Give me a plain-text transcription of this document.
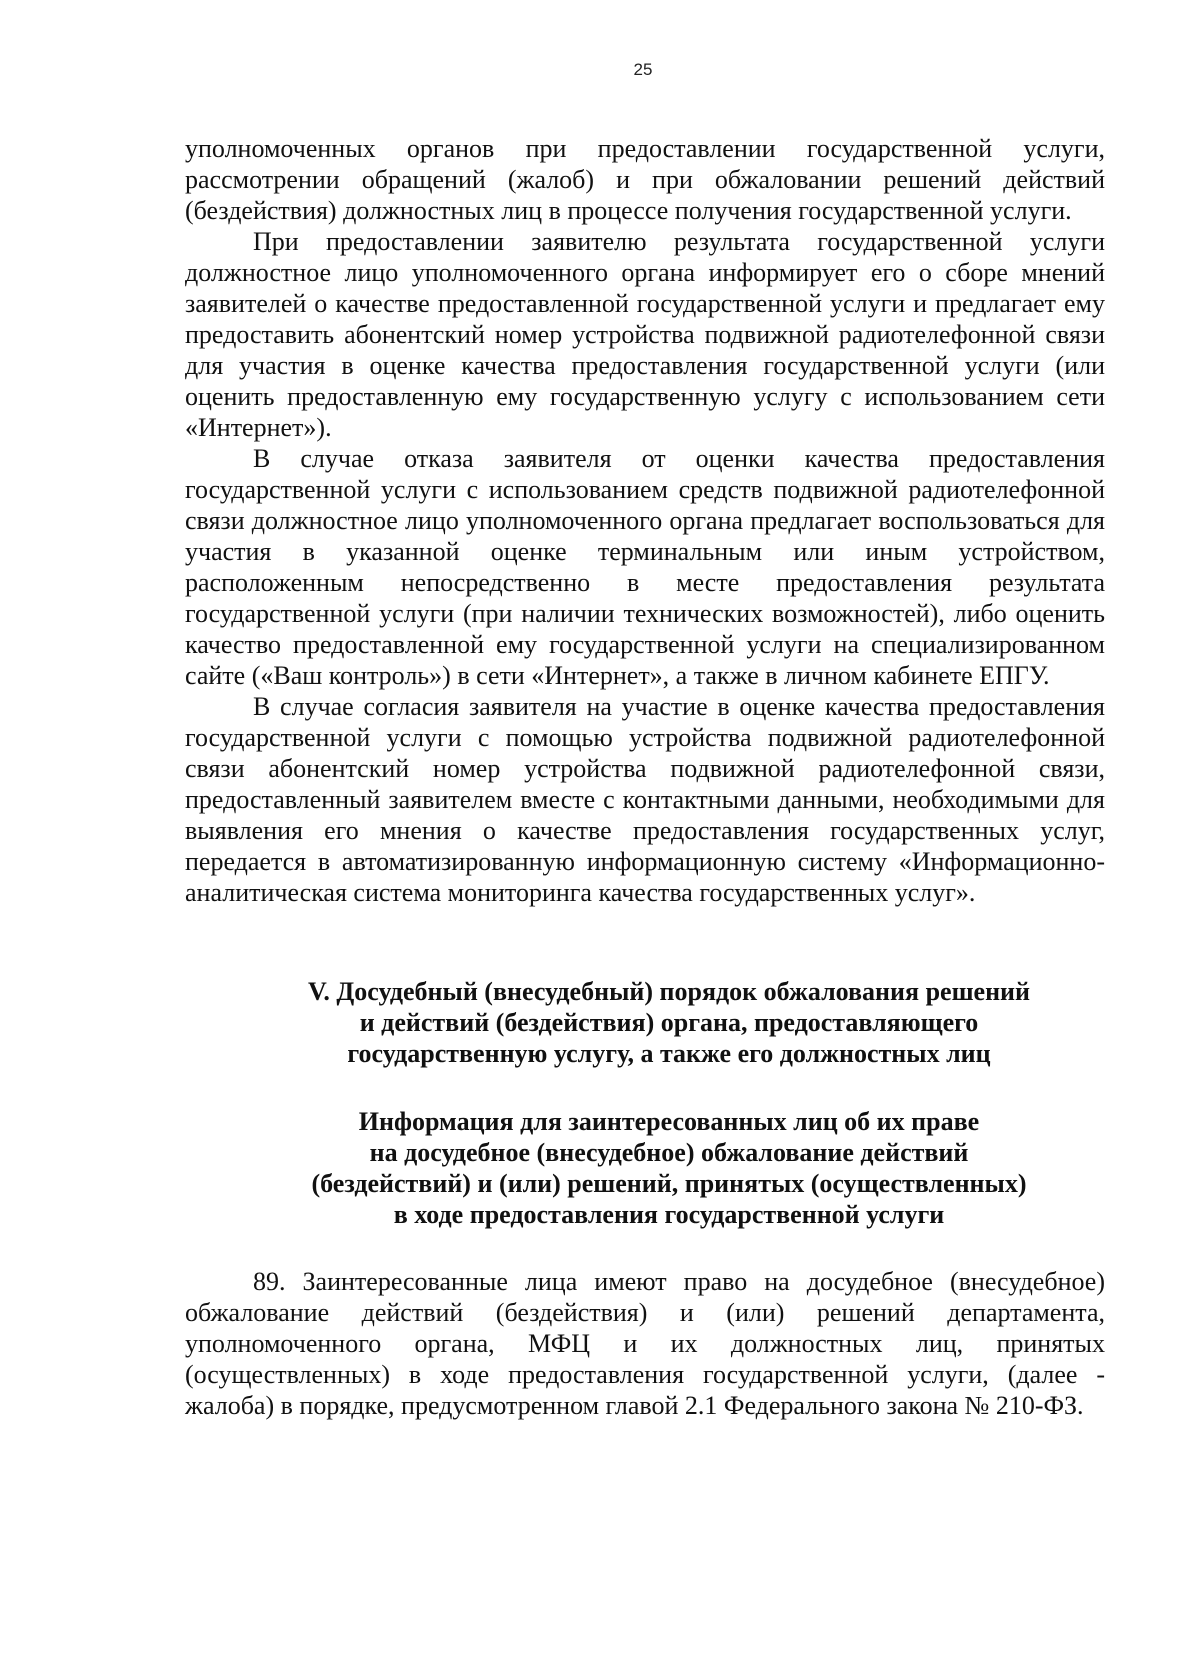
25

уполномоченных органов при предоставлении государственной услуги, рассмотрении обращений (жалоб) и при обжаловании решений действий (бездействия) должностных лиц в процессе получения государственной услуги.

При предоставлении заявителю результата государственной услуги должностное лицо уполномоченного органа информирует его о сборе мнений заявителей о качестве предоставленной государственной услуги и предлагает ему предоставить абонентский номер устройства подвижной радиотелефонной связи для участия в оценке качества предоставления государственной услуги (или оценить предоставленную ему государственную услугу с использованием сети «Интернет»).

В случае отказа заявителя от оценки качества предоставления государственной услуги с использованием средств подвижной радиотелефонной связи должностное лицо уполномоченного органа предлагает воспользоваться для участия в указанной оценке терминальным или иным устройством, расположенным непосредственно в месте предоставления результата государственной услуги (при наличии технических возможностей), либо оценить качество предоставленной ему государственной услуги на специализированном сайте («Ваш контроль») в сети «Интернет», а также в личном кабинете ЕПГУ.

В случае согласия заявителя на участие в оценке качества предоставления государственной услуги с помощью устройства подвижной радиотелефонной связи абонентский номер устройства подвижной радиотелефонной связи, предоставленный заявителем вместе с контактными данными, необходимыми для выявления его мнения о качестве предоставления государственных услуг, передается в автоматизированную информационную систему «Информационно-аналитическая система мониторинга качества государственных услуг».

V. Досудебный (внесудебный) порядок обжалования решений
и действий (бездействия) органа, предоставляющего
государственную услугу, а также его должностных лиц
Информация для заинтересованных лиц об их праве
на досудебное (внесудебное) обжалование действий
(бездействий) и (или) решений, принятых (осуществленных)
в ходе предоставления государственной услуги

89. Заинтересованные лица имеют право на досудебное (внесудебное) обжалование действий (бездействия) и (или) решений департамента, уполномоченного органа, МФЦ и их должностных лиц, принятых (осуществленных) в ходе предоставления государственной услуги, (далее - жалоба) в порядке, предусмотренном главой 2.1 Федерального закона № 210-ФЗ.
